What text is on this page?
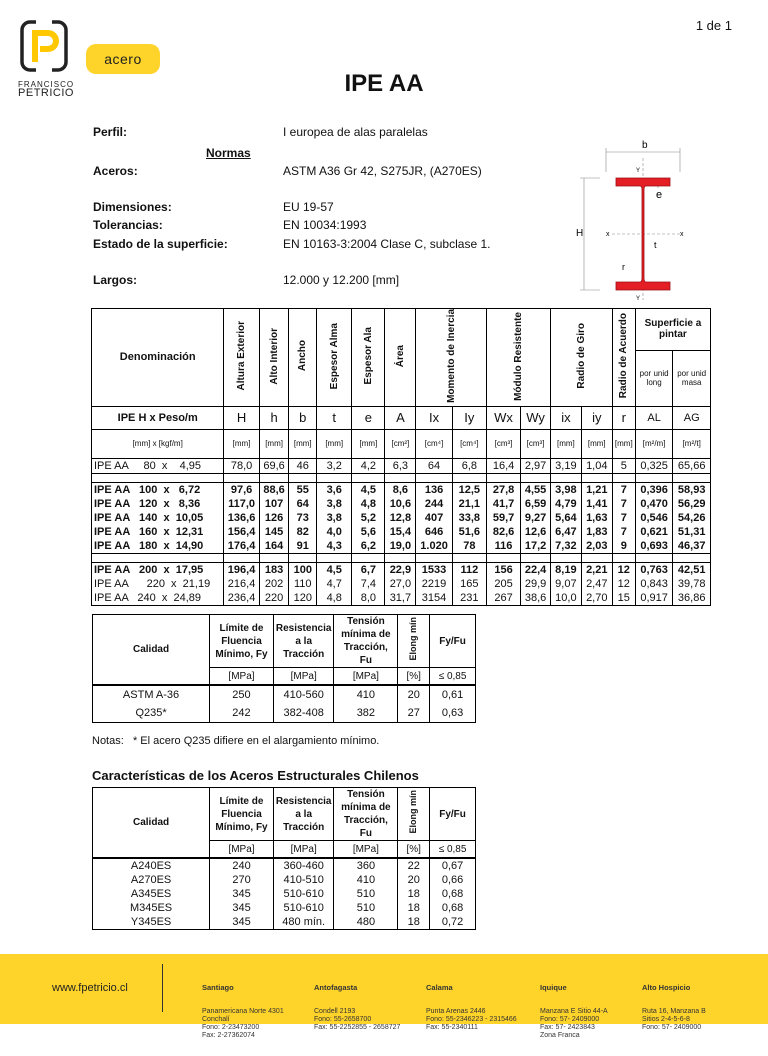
1 de 1
FRANCISCO
PETRICIO
acero
IPE AA
Perfil:	I europea de alas paralelas
Normas
Aceros:	ASTM A36 Gr 42, S275JR, (A270ES)
Dimensiones:	EU 19-57
Tolerancias:	EN 10034:1993
Estado de la superficie:	EN 10163-3:2004 Clase C, subclase 1.
Largos:	12.000 y 12.200 [mm]
b
Y
e
H	x	x
t
r
Y
Denominación	Altura Exterior	Alto Interior	Ancho	Espesor Alma	Espesor Ala	Área	Momento de Inercia		Módulo Resistente		Radio de Giro		Radio de Acuerdo	Superficie a pintar	
														por unid long	por unid masa
IPE H x Peso/m	H	h	b	t	e	A	Ix	Iy	Wx	Wy	ix	iy	r	AL	AG
[mm] x [kgf/m]	[mm]	[mm]	[mm]	[mm]	[mm]	[cm²]	[cm⁴]	[cm⁴]	[cm³]	[cm³]	[mm]	[mm]	[mm]	[m²/m]	[m²/t]
IPE AA     80  x    4,95	78,0	69,6	46	3,2	4,2	6,3	64	6,8	16,4	2,97	3,19	1,04	5	0,325	65,66

IPE AA   100  x   6,72	97,6	88,6	55	3,6	4,5	8,6	136	12,5	27,8	4,55	3,98	1,21	7	0,396	58,93
IPE AA   120  x   8,36	117,0	107	64	3,8	4,8	10,6	244	21,1	41,7	6,59	4,79	1,41	7	0,470	56,29
IPE AA   140  x  10,05	136,6	126	73	3,8	5,2	12,8	407	33,8	59,7	9,27	5,64	1,63	7	0,546	54,26
IPE AA   160  x  12,31	156,4	145	82	4,0	5,6	15,4	646	51,6	82,6	12,6	6,47	1,83	7	0,621	51,31
IPE AA   180  x  14,90	176,4	164	91	4,3	6,2	19,0	1.020	78	116	17,2	7,32	2,03	9	0,693	46,37

IPE AA   200  x  17,95	196,4	183	100	4,5	6,7	22,9	1533	112	156	22,4	8,19	2,21	12	0,763	42,51
IPE AA      220  x  21,19	216,4	202	110	4,7	7,4	27,0	2219	165	205	29,9	9,07	2,47	12	0,843	39,78
IPE AA   240  x  24,89	236,4	220	120	4,8	8,0	31,7	3154	231	267	38,6	10,0	2,70	15	0,917	36,86
Calidad	Límite de Fluencia Mínimo, Fy	Resistencia a la Tracción	Tensión mínima de Tracción, Fu	Elong mín	Fy/Fu
	[MPa]	[MPa]	[MPa]	[%]	≤ 0,85
ASTM A-36	250	410-560	410	20	0,61
Q235*	242	382-408	382	27	0,63
Notas:   * El acero Q235 difiere en el alargamiento mínimo.
Características de los Aceros Estructurales Chilenos
Calidad	Límite de Fluencia Mínimo, Fy	Resistencia a la Tracción	Tensión mínima de Tracción, Fu	Elong mín	Fy/Fu
	[MPa]	[MPa]	[MPa]	[%]	≤ 0,85
A240ES	240	360-460	360	22	0,67
A270ES	270	410-510	410	20	0,66
A345ES	345	510-610	510	18	0,68
M345ES	345	510-610	510	18	0,68
Y345ES	345	480 mín.	480	18	0,72
www.fpetricio.cl

	Santiago

Panamericana Norte 4301
Conchalí
Fono: 2-23473200
Fax: 2-27362074

Antofagasta

Condell 2193
Fono: 55-2658700
Fax: 55-2252855 - 2658727

Calama

Punta Arenas 2446
Fono: 55-2346223 - 2315466
Fax: 55-2340111

Iquique

Manzana E Sitio 44-A
Fono: 57- 2409000
Fax: 57- 2423843
Zona Franca

Alto Hospicio

Ruta 16, Manzana B
Sitios 2-4-5-6-8
Fono: 57- 2409000
